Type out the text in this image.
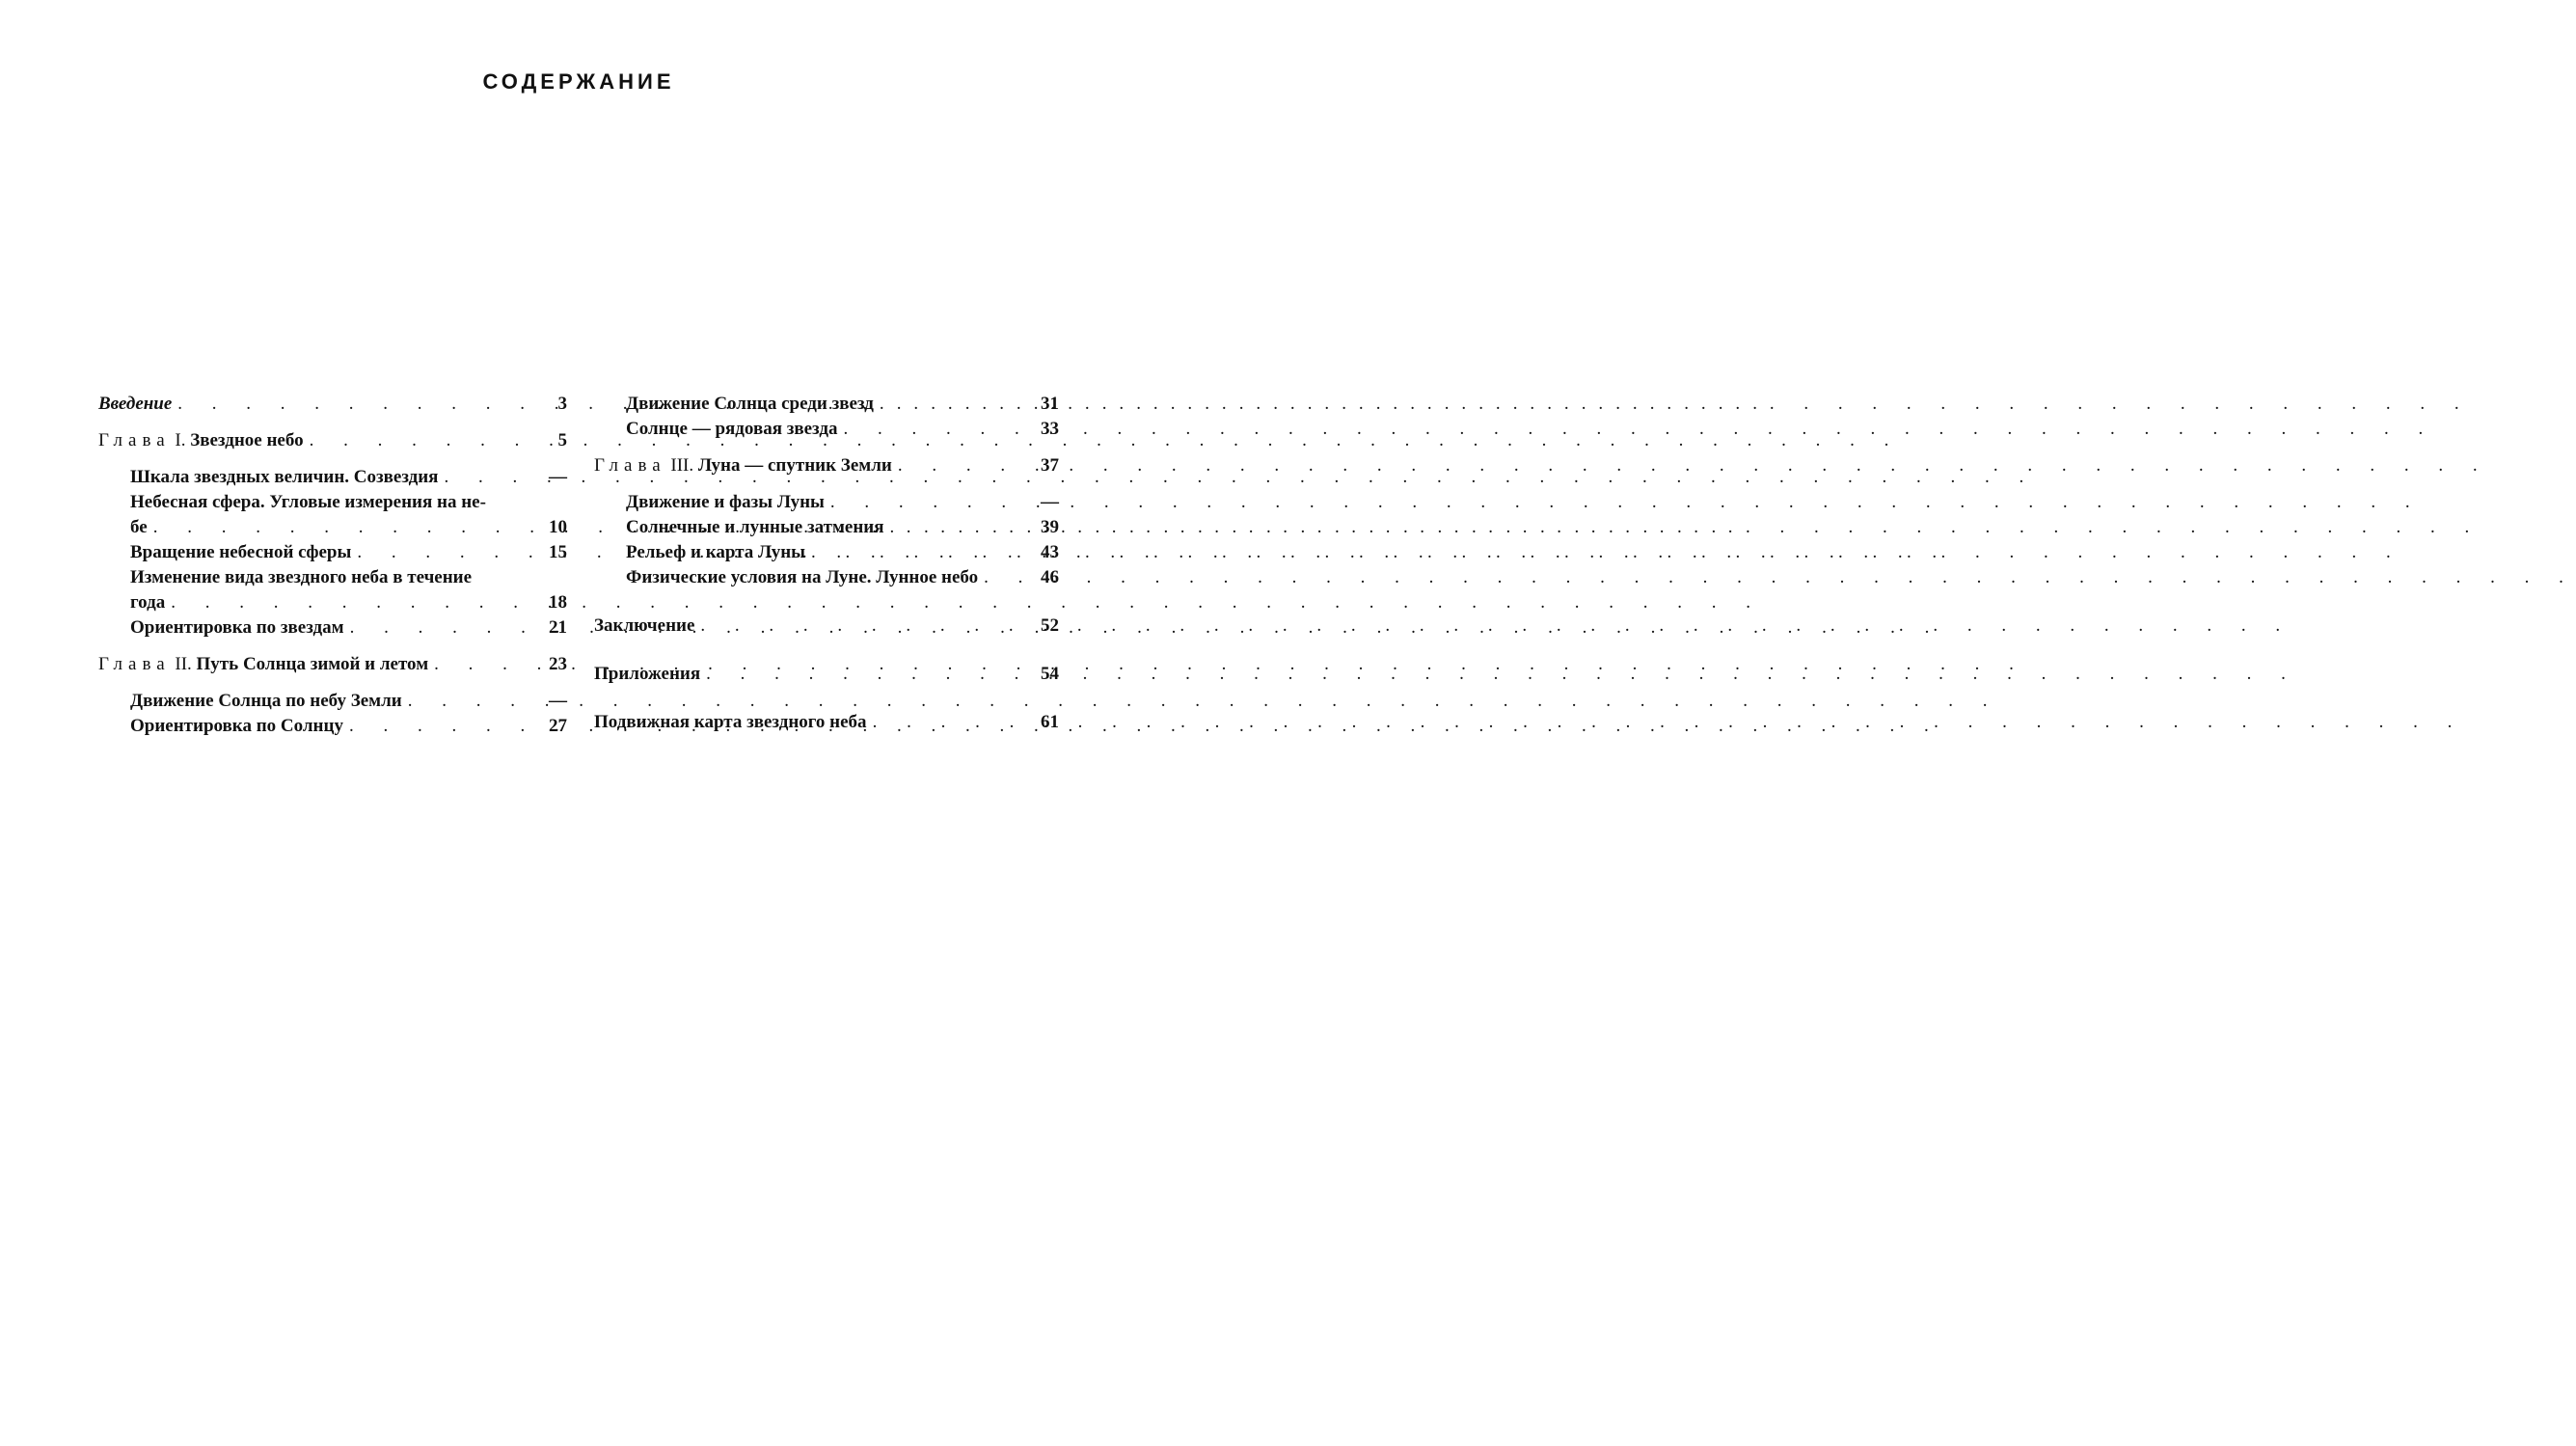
СОДЕРЖАНИЕ
Введение . . .	3
Глава I. Звездное небо . . .	5
Шкала звездных величин. Созвездия . . .	—
Небесная сфера. Угловые измерения на не-
бе . . .	10
Вращение небесной сферы . . .	15
Изменение вида звездного неба в течение
года . . .	18
Ориентировка по звездам . . .	21
Глава II. Путь Солнца зимой и летом . . .	23
Движение Солнца по небу Земли . . .	—
Ориентировка по Солнцу . . .	27
Движение Солнца среди звезд . . .	31
Солнце — рядовая звезда . . .	33
Глава III. Луна — спутник Земли . . .	37
Движение и фазы Луны . . .	—
Солнечные и лунные затмения . . .	39
Рельеф и карта Луны . . .	43
Физические условия на Луне. Лунное небо . . .	46
Заключение . . .	52
Приложения . . .	54
Подвижная карта звездного неба . . .	61
